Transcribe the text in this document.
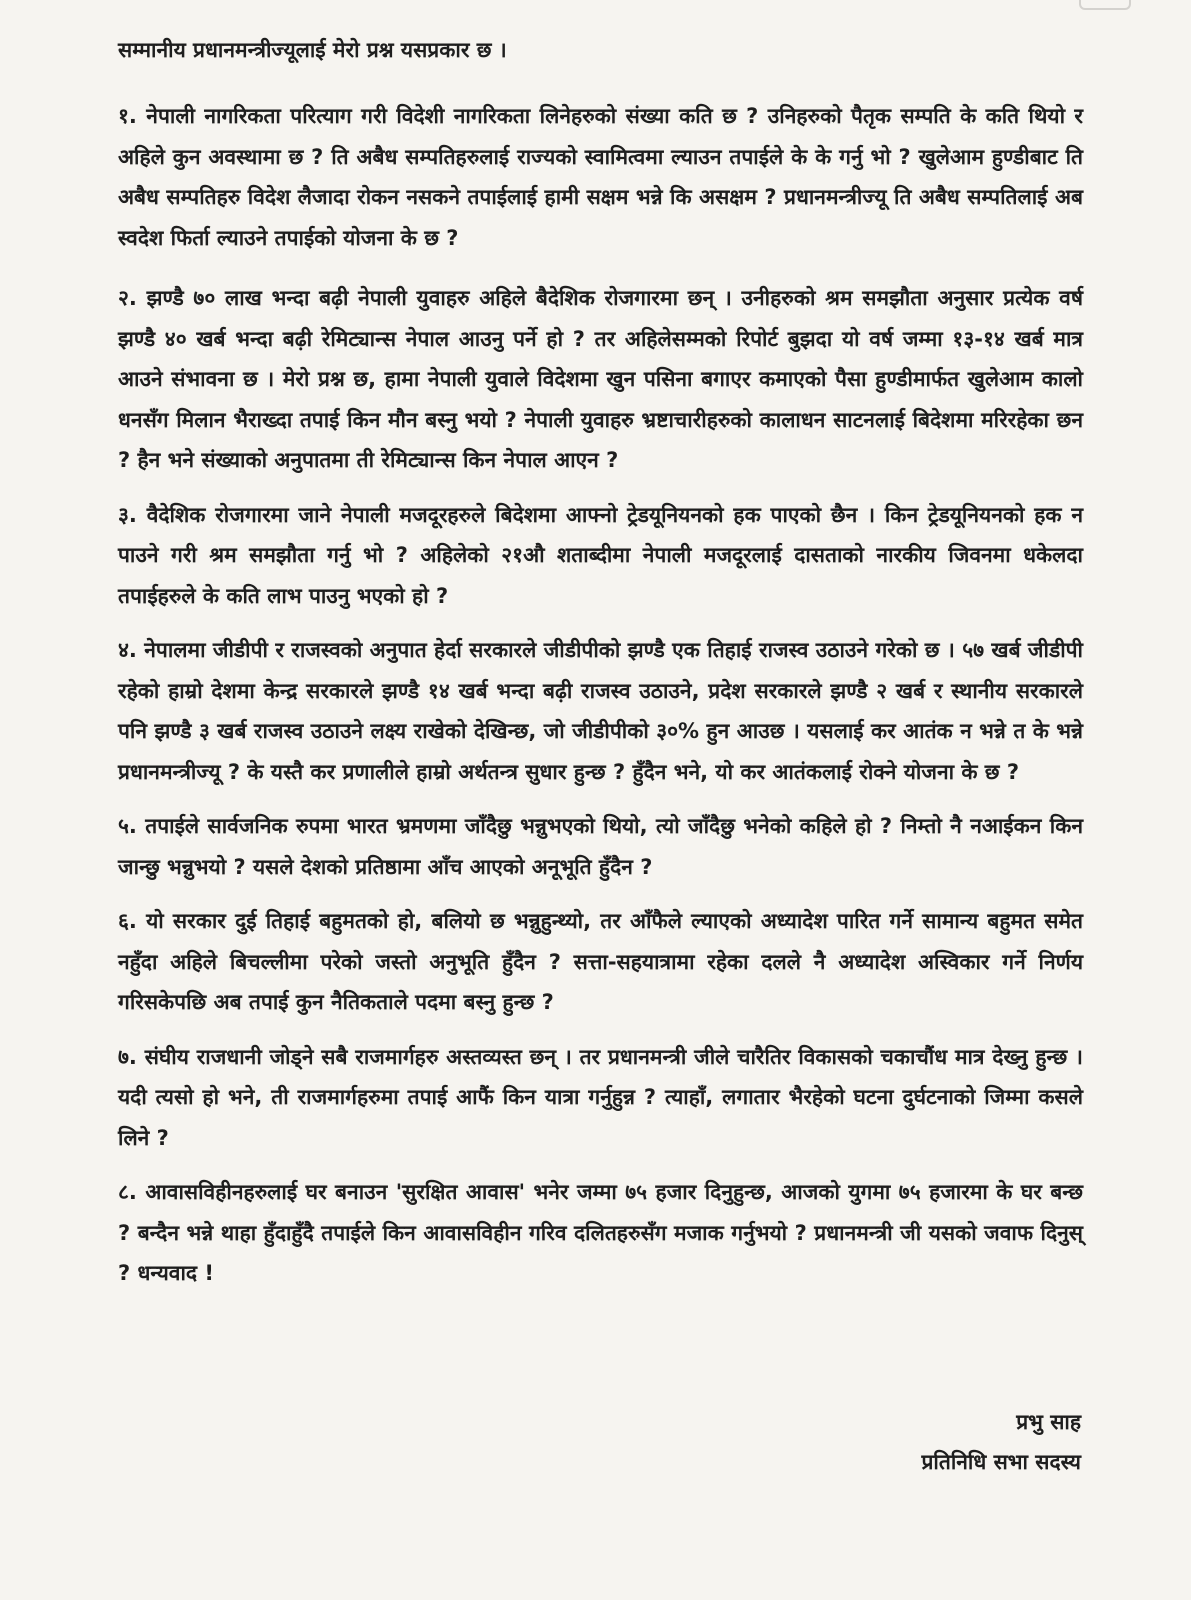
सम्मानीय प्रधानमन्त्रीज्यूलाई मेरो प्रश्न यसप्रकार छ ।

१. नेपाली नागरिकता परित्याग गरी विदेशी नागरिकता लिनेहरुको संख्या कति छ ? उनिहरुको पैतृक सम्पति के कति थियो र अहिले कुन अवस्थामा छ ? ति अबैध सम्पतिहरुलाई राज्यको स्वामित्वमा ल्याउन तपाईले के के गर्नु भो ? खुलेआम हुण्डीबाट ति अबैध सम्पतिहरु विदेश लैजादा रोकन नसकने तपाईलाई हामी सक्षम भन्ने कि असक्षम ? प्रधानमन्त्रीज्यू ति अबैध सम्पतिलाई अब स्वदेश फिर्ता ल्याउने तपाईको योजना के छ ?

२. झण्डै ७० लाख भन्दा बढ़ी नेपाली युवाहरु अहिले बैदेशिक रोजगारमा छन् । उनीहरुको श्रम समझौता अनुसार प्रत्येक वर्ष झण्डै ४० खर्ब भन्दा बढ़ी रेमिट्यान्स नेपाल आउनु पर्ने हो ? तर अहिलेसम्मको रिपोर्ट बुझदा यो वर्ष जम्मा १३-१४ खर्ब मात्र आउने संभावना छ । मेरो प्रश्न छ, हामा नेपाली युवाले विदेशमा खुन पसिना बगाएर कमाएको पैसा हुण्डीमार्फत खुलेआम कालो धनसँग मिलान भैराख्दा तपाई किन मौन बस्नु भयो ? नेपाली युवाहरु भ्रष्टाचारीहरुको कालाधन साटनलाई बिदेशमा मरिरहेका छन ? हैन भने संख्याको अनुपातमा ती रेमिट्यान्स किन नेपाल आएन ?

३. वैदेशिक रोजगारमा जाने नेपाली मजदूरहरुले बिदेशमा आफ्नो ट्रेडयूनियनको हक पाएको छैन । किन ट्रेडयूनियनको हक न पाउने गरी श्रम समझौता गर्नु भो ? अहिलेको २१औ शताब्दीमा नेपाली मजदूरलाई दासताको नारकीय जिवनमा धकेलदा तपाईहरुले के कति लाभ पाउनु भएको हो ?

४. नेपालमा जीडीपी र राजस्वको अनुपात हेर्दा सरकारले जीडीपीको झण्डै एक तिहाई राजस्व उठाउने गरेको छ । ५७ खर्ब जीडीपी रहेको हाम्रो देशमा केन्द्र सरकारले झण्डै १४ खर्ब भन्दा बढ़ी राजस्व उठाउने, प्रदेश सरकारले झण्डै २ खर्ब र स्थानीय सरकारले पनि झण्डै ३ खर्ब राजस्व उठाउने लक्ष्य राखेको देखिन्छ, जो जीडीपीको ३०% हुन आउछ । यसलाई कर आतंक न भन्ने त के भन्ने प्रधानमन्त्रीज्यू ? के यस्तै कर प्रणालीले हाम्रो अर्थतन्त्र सुधार हुन्छ ? हुँदैन भने, यो कर आतंकलाई रोक्ने योजना के छ ?

५. तपाईले सार्वजनिक रुपमा भारत भ्रमणमा जाँदैछु भन्नुभएको थियो, त्यो जाँदैछु भनेको कहिले हो ? निम्तो नै नआईकन किन जान्छु भन्नुभयो ? यसले देशको प्रतिष्ठामा आँच आएको अनूभूति हुँदैन ?

६. यो सरकार दुई तिहाई बहुमतको हो, बलियो छ भन्नुहुन्थ्यो, तर आँफैले ल्याएको अध्यादेश पारित गर्ने सामान्य बहुमत समेत नहुँदा अहिले बिचल्लीमा परेको जस्तो अनुभूति हुँदैन ? सत्ता-सहयात्रामा रहेका दलले नै अध्यादेश अस्विकार गर्ने निर्णय गरिसकेपछि अब तपाई कुन नैतिकताले पदमा बस्नु हुन्छ ?

७. संघीय राजधानी जोड्ने सबै राजमार्गहरु अस्तव्यस्त छन् । तर प्रधानमन्त्री जीले चारैतिर विकासको चकाचौंध मात्र देख्नु हुन्छ । यदी त्यसो हो भने, ती राजमार्गहरुमा तपाई आफैं किन यात्रा गर्नुहुन्न ? त्याहाँ, लगातार भैरहेको घटना दुर्घटनाको जिम्मा कसले लिने ?

८. आवासविहीनहरुलाई घर बनाउन 'सुरक्षित आवास' भनेर जम्मा ७५ हजार दिनुहुन्छ, आजको युगमा ७५ हजारमा के घर बन्छ ? बन्दैन भन्ने थाहा हुँदाहुँदै तपाईले किन आवासविहीन गरिव दलितहरुसँग मजाक गर्नुभयो ? प्रधानमन्त्री जी यसको जवाफ दिनुस् ? धन्यवाद !

प्रभु साह
प्रतिनिधि सभा सदस्य
